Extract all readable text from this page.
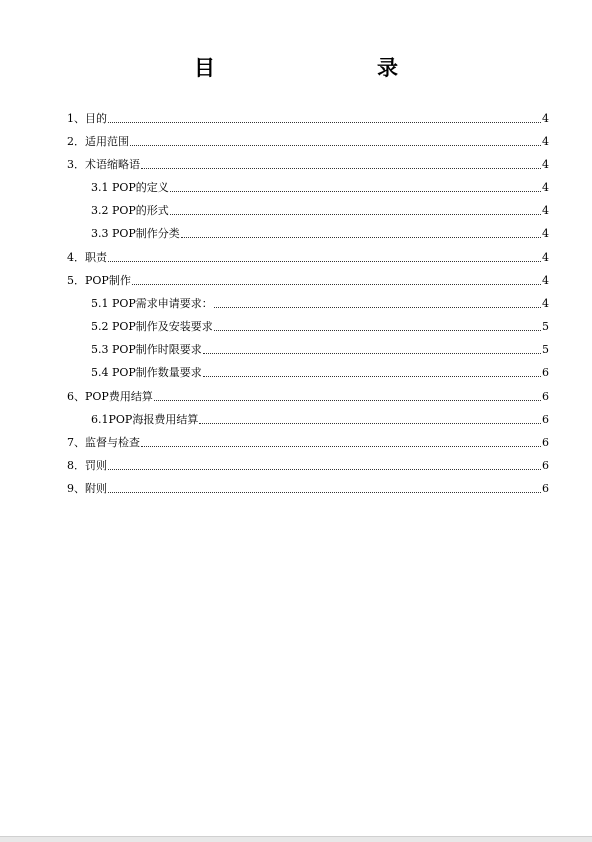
目　　录
1、目的	4
2．适用范围	4
3．术语缩略语	4
3.1 POP的定义	4
3.2 POP的形式	4
3.3 POP制作分类	4
4．职责	4
5．POP制作	4
5.1 POP需求申请要求：	4
5.2 POP制作及安装要求	5
5.3 POP制作时限要求	5
5.4 POP制作数量要求	6
6、POP费用结算	6
6.1POP海报费用结算	6
7、监督与检查	6
8．罚则	6
9、附则	6
